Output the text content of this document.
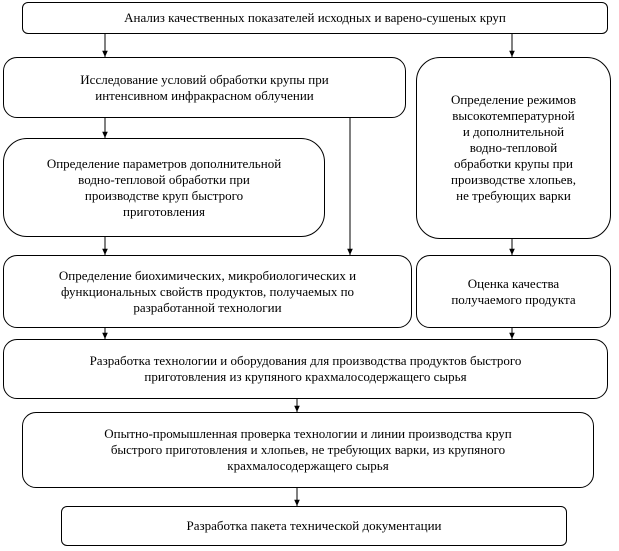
Анализ качественных показателей исходных и варено-сушеных круп
Исследование условий обработки крупы при
интенсивном инфракрасном облучении	Определение режимов
высокотемпературной
и дополнительной
водно-тепловой
обработки крупы при
производстве хлопьев,
не требующих варки
Определение параметров дополнительной
водно-тепловой обработки при
производстве круп быстрого
приготовления
Определение биохимических, микробиологических и
функциональных свойств продуктов, получаемых по
разработанной технологии
Оценка качества
получаемого продукта
Разработка технологии и оборудования для производства продуктов быстрого
приготовления из крупяного крахмалосодержащего сырья
Опытно-промышленная проверка технологии и линии производства круп
быстрого приготовления и хлопьев, не требующих варки, из крупяного
крахмалосодержащего сырья
Разработка пакета технической документации
